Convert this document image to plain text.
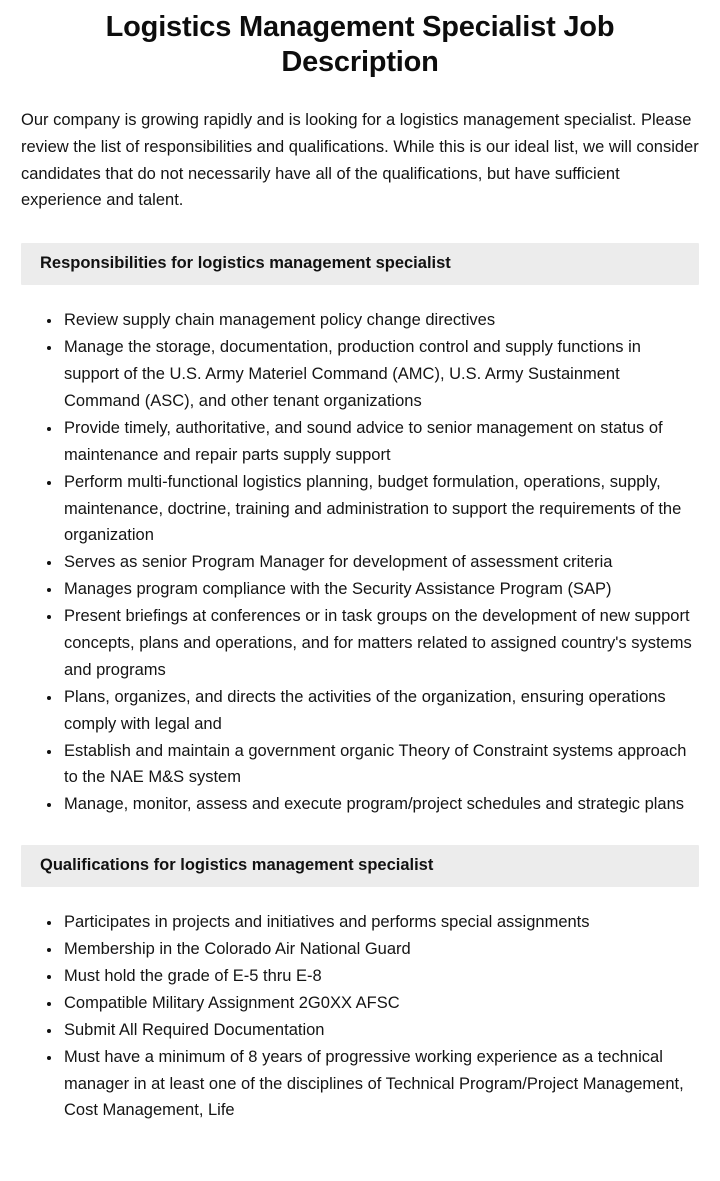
Logistics Management Specialist Job Description

Our company is growing rapidly and is looking for a logistics management specialist. Please review the list of responsibilities and qualifications. While this is our ideal list, we will consider candidates that do not necessarily have all of the qualifications, but have sufficient experience and talent.

Responsibilities for logistics management specialist
• Review supply chain management policy change directives
• Manage the storage, documentation, production control and supply functions in support of the U.S. Army Materiel Command (AMC), U.S. Army Sustainment Command (ASC), and other tenant organizations
• Provide timely, authoritative, and sound advice to senior management on status of maintenance and repair parts supply support
• Perform multi-functional logistics planning, budget formulation, operations, supply, maintenance, doctrine, training and administration to support the requirements of the organization
• Serves as senior Program Manager for development of assessment criteria
• Manages program compliance with the Security Assistance Program (SAP)
• Present briefings at conferences or in task groups on the development of new support concepts, plans and operations, and for matters related to assigned country's systems and programs
• Plans, organizes, and directs the activities of the organization, ensuring operations comply with legal and
• Establish and maintain a government organic Theory of Constraint systems approach to the NAE M&S system
• Manage, monitor, assess and execute program/project schedules and strategic plans
Qualifications for logistics management specialist
• Participates in projects and initiatives and performs special assignments
• Membership in the Colorado Air National Guard
• Must hold the grade of E-5 thru E-8
• Compatible Military Assignment 2G0XX AFSC
• Submit All Required Documentation
• Must have a minimum of 8 years of progressive working experience as a technical manager in at least one of the disciplines of Technical Program/Project Management, Cost Management, Life
